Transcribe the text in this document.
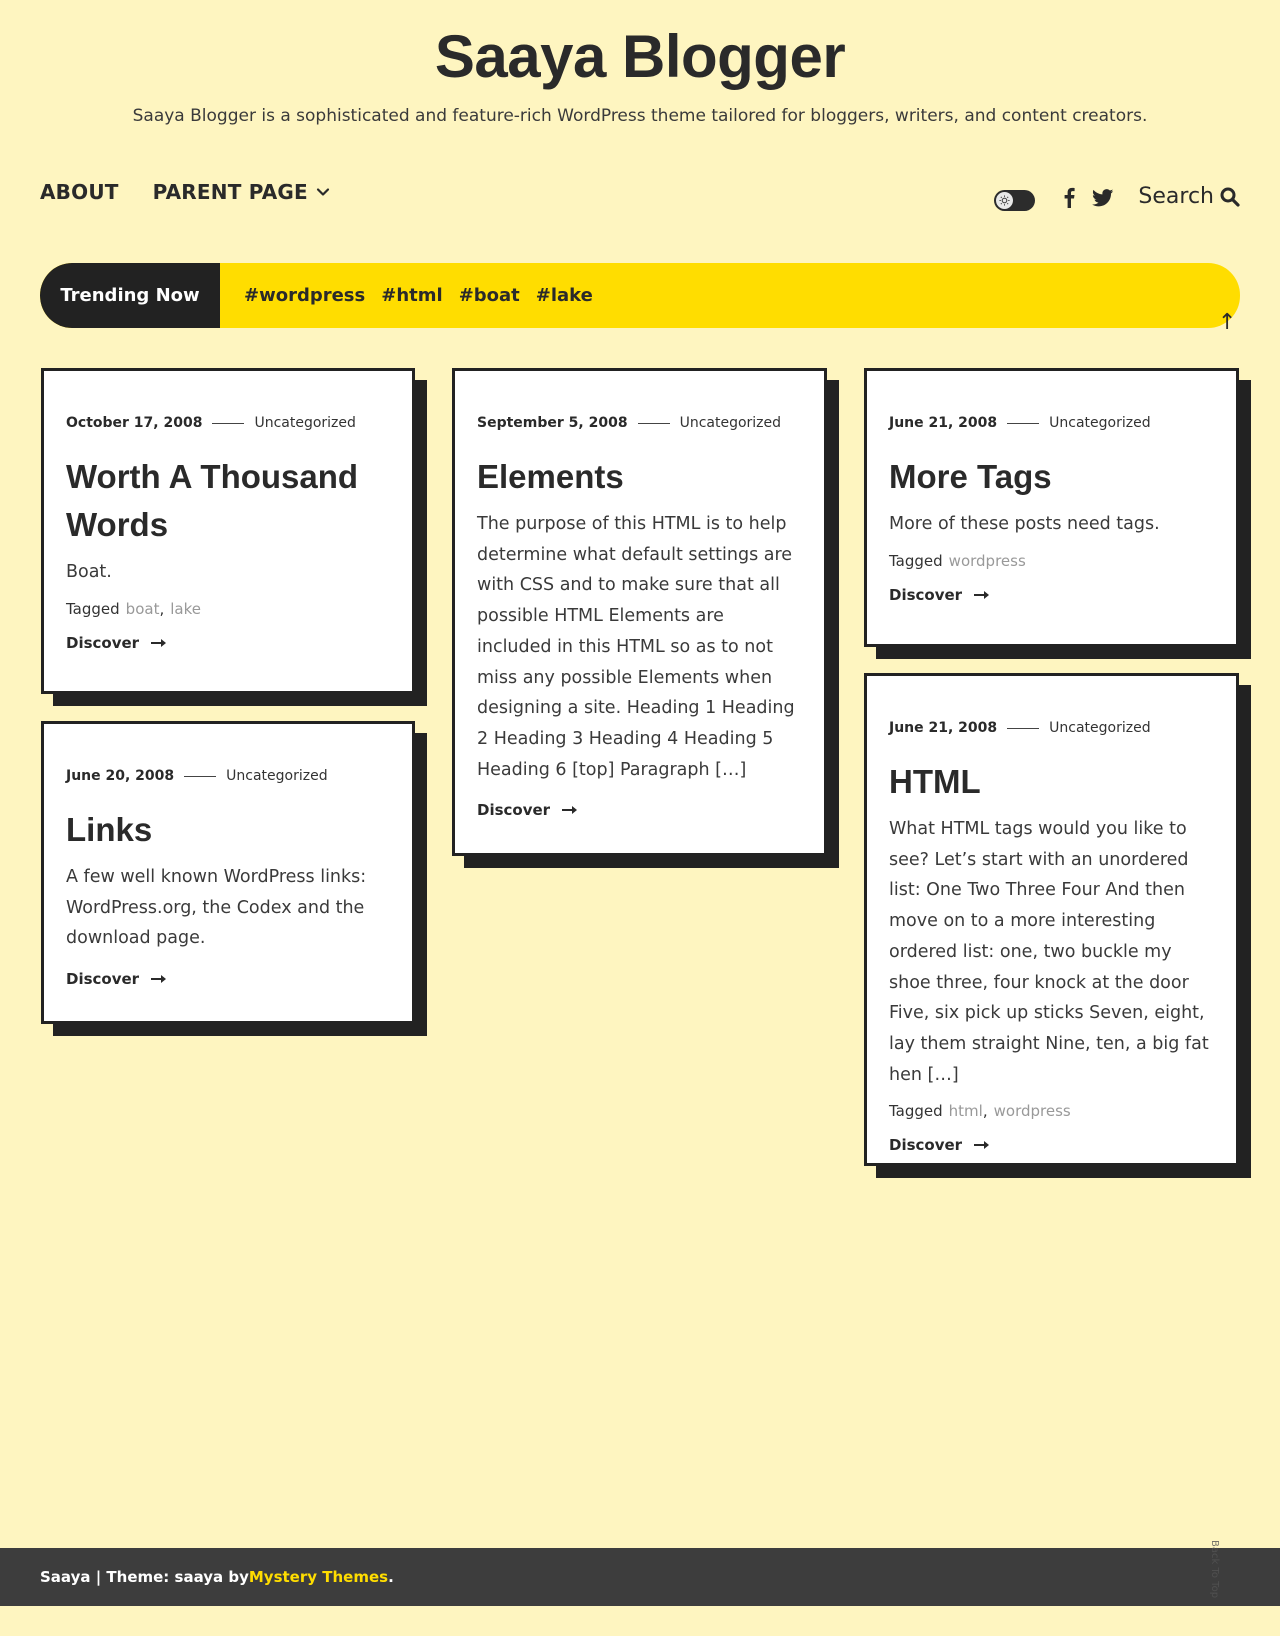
Saaya Blogger
Saaya Blogger is a sophisticated and feature-rich WordPress theme tailored for bloggers, writers, and content creators.
ABOUT PARENT PAGE	Search
Trending Now	#wordpress #html #boat #lake
↑
October 17, 2008	Uncategorized
Worth A Thousand Words

Boat.

Tagged boat, lake
Discover
June 20, 2008	Uncategorized
Links

A few well known WordPress links: WordPress.org, the Codex and the download page.

Discover
September 5, 2008	Uncategorized
Elements

The purpose of this HTML is to help determine what default settings are with CSS and to make sure that all possible HTML Elements are included in this HTML so as to not miss any possible Elements when designing a site. Heading 1 Heading 2 Heading 3 Heading 4 Heading 5 Heading 6 [top] Paragraph […]

Discover
June 21, 2008	Uncategorized
More Tags

More of these posts need tags.

Tagged wordpress
Discover
June 21, 2008	Uncategorized
HTML

What HTML tags would you like to see? Let’s start with an unordered list: One Two Three Four And then move on to a more interesting ordered list: one, two buckle my shoe three, four knock at the door Five, six pick up sticks Seven, eight, lay them straight Nine, ten, a big fat hen […]

Tagged html, wordpress
Discover
Saaya | Theme: saaya by Mystery Themes .	Back To Top
